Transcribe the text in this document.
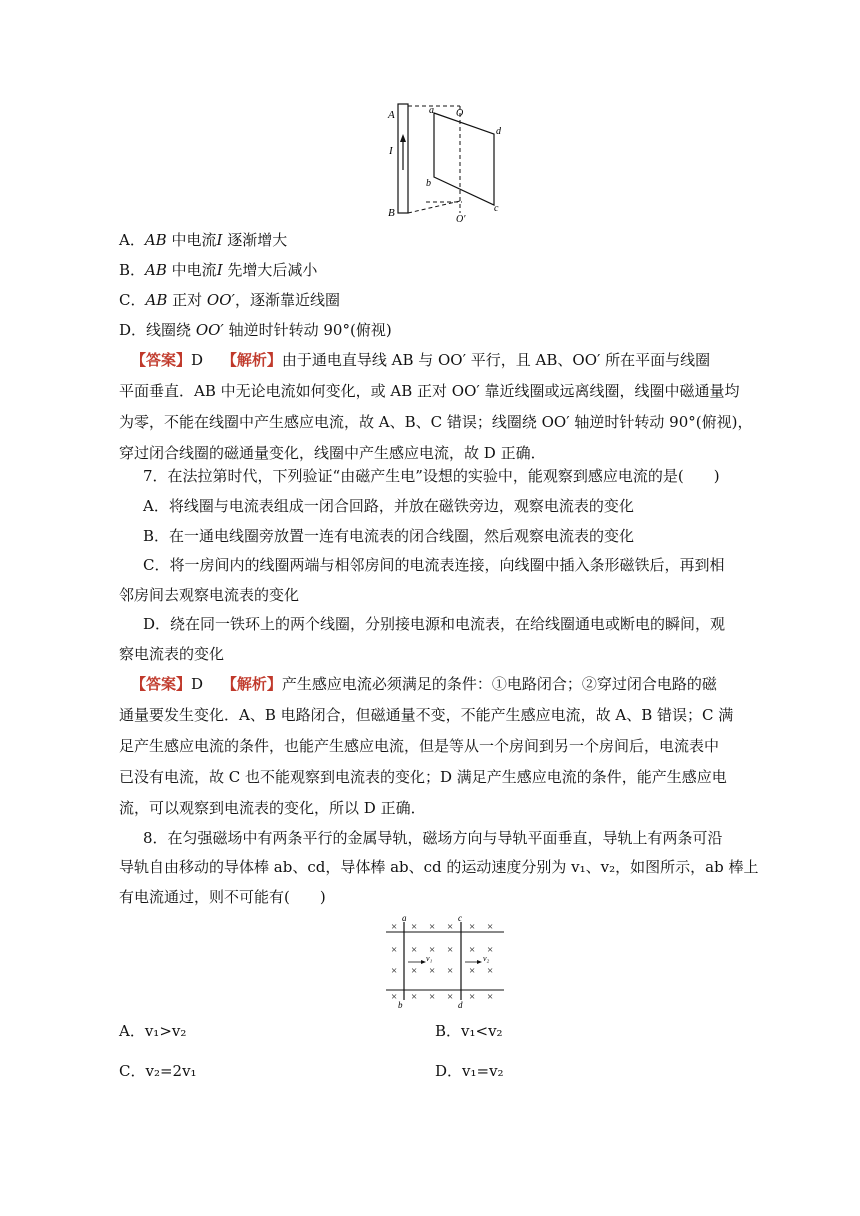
A
I
B
a O
d
b
c
O′
A．AB 中电流I 逐渐增大
B．AB 中电流I 先增大后减小
C．AB 正对 OO′，逐渐靠近线圈
D．线圈绕 OO′ 轴逆时针转动 90°(俯视)
【答案】D 【解析】由于通电直导线 AB 与 OO′ 平行，且 AB、OO′ 所在平面与线圈
平面垂直．AB 中无论电流如何变化，或 AB 正对 OO′ 靠近线圈或远离线圈，线圈中磁通量均
为零，不能在线圈中产生感应电流，故 A、B、C 错误；线圈绕 OO′ 轴逆时针转动 90°(俯视)，
穿过闭合线圈的磁通量变化，线圈中产生感应电流，故 D 正确．
7．在法拉第时代，下列验证“由磁产生电”设想的实验中，能观察到感应电流的是(　　)
A．将线圈与电流表组成一闭合回路，并放在磁铁旁边，观察电流表的变化
B．在一通电线圈旁放置一连有电流表的闭合线圈，然后观察电流表的变化
C．将一房间内的线圈两端与相邻房间的电流表连接，向线圈中插入条形磁铁后，再到相
邻房间去观察电流表的变化
D．绕在同一铁环上的两个线圈，分别接电源和电流表，在给线圈通电或断电的瞬间，观
察电流表的变化
【答案】D 【解析】产生感应电流必须满足的条件：①电路闭合；②穿过闭合电路的磁
通量要发生变化．A、B 电路闭合，但磁通量不变，不能产生感应电流，故 A、B 错误；C 满
足产生感应电流的条件，也能产生感应电流，但是等从一个房间到另一个房间后，电流表中
已没有电流，故 C 也不能观察到电流表的变化；D 满足产生感应电流的条件，能产生感应电
流，可以观察到电流表的变化，所以 D 正确．
8．在匀强磁场中有两条平行的金属导轨，磁场方向与导轨平面垂直，导轨上有两条可沿
导轨自由移动的导体棒 ab、cd，导体棒 ab、cd 的运动速度分别为 v₁、v₂，如图所示，ab 棒上
有电流通过，则不可能有(　　)
× × × × × ×
× × × × × ×
× × × × × ×
× × × × × ×
a	c
b	d
v₁	v₂
A．v₁>v₂	B．v₁<v₂
C．v₂=2v₁	D．v₁=v₂
